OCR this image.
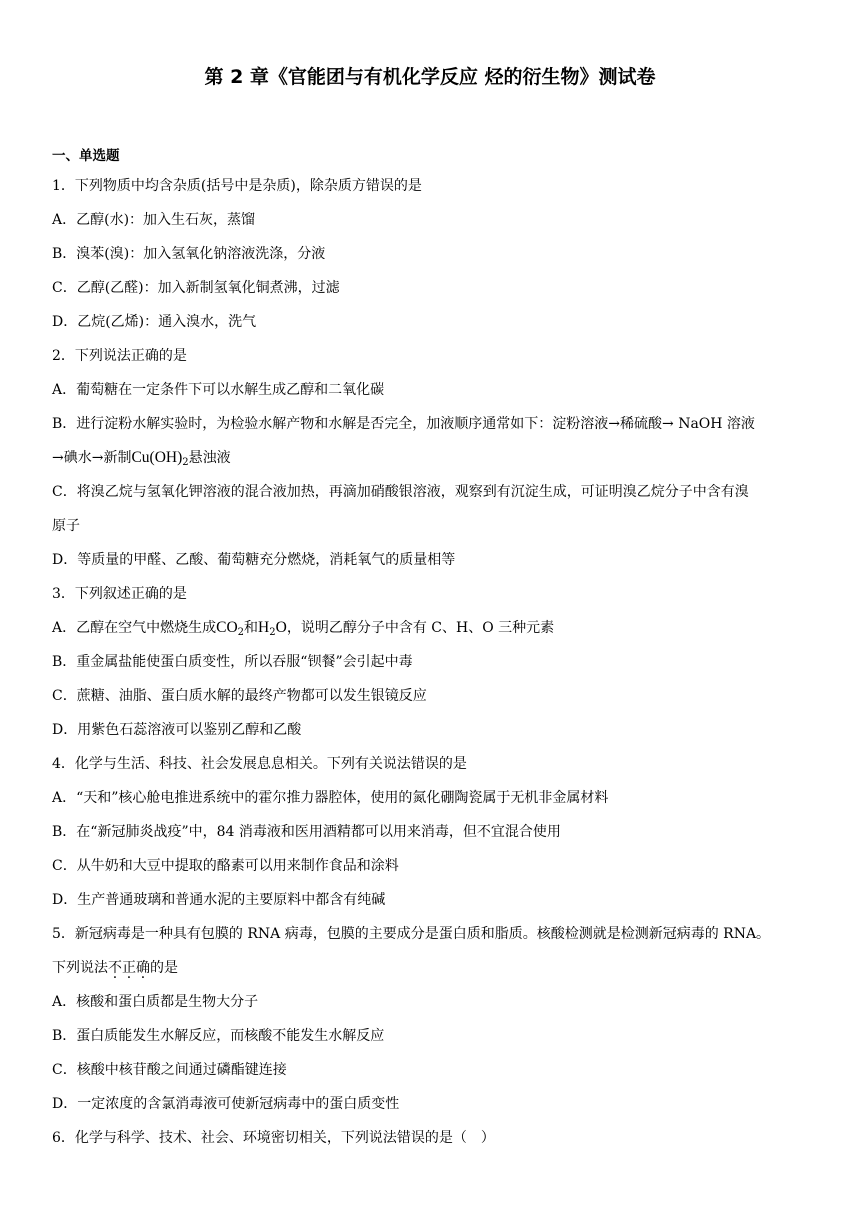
第 2 章《官能团与有机化学反应 烃的衍生物》测试卷
一、单选题
1．下列物质中均含杂质(括号中是杂质)，除杂质方错误的是
A．乙醇(水)：加入生石灰，蒸馏
B．溴苯(溴)：加入氢氧化钠溶液洗涤，分液
C．乙醇(乙醛)：加入新制氢氧化铜煮沸，过滤
D．乙烷(乙烯)：通入溴水，洗气
2．下列说法正确的是
A．葡萄糖在一定条件下可以水解生成乙醇和二氧化碳
B．进行淀粉水解实验时，为检验水解产物和水解是否完全，加液顺序通常如下：淀粉溶液→稀硫酸→ NaOH 溶液
→碘水→新制$Cu(OH)_2$悬浊液
C．将溴乙烷与氢氧化钾溶液的混合液加热，再滴加硝酸银溶液，观察到有沉淀生成，可证明溴乙烷分子中含有溴
原子
D．等质量的甲醛、乙酸、葡萄糖充分燃烧，消耗氧气的质量相等
3．下列叙述正确的是
A．乙醇在空气中燃烧生成$CO_2$和$H_2O$，说明乙醇分子中含有 C、H、O 三种元素
B．重金属盐能使蛋白质变性，所以吞服“钡餐”会引起中毒
C．蔗糖、油脂、蛋白质水解的最终产物都可以发生银镜反应
D．用紫色石蕊溶液可以鉴别乙醇和乙酸
4．化学与生活、科技、社会发展息息相关。下列有关说法错误的是
A．“天和”核心舱电推进系统中的霍尔推力器腔体，使用的氮化硼陶瓷属于无机非金属材料
B．在“新冠肺炎战疫”中，84 消毒液和医用酒精都可以用来消毒，但不宜混合使用
C．从牛奶和大豆中提取的酪素可以用来制作食品和涂料
D．生产普通玻璃和普通水泥的主要原料中都含有纯碱
5．新冠病毒是一种具有包膜的 RNA 病毒，包膜的主要成分是蛋白质和脂质。核酸检测就是检测新冠病毒的 RNA。
下列说法不正确的是
A．核酸和蛋白质都是生物大分子
B．蛋白质能发生水解反应，而核酸不能发生水解反应
C．核酸中核苷酸之间通过磷酯键连接
D．一定浓度的含氯消毒液可使新冠病毒中的蛋白质变性
6．化学与科学、技术、社会、环境密切相关，下列说法错误的是（　）
